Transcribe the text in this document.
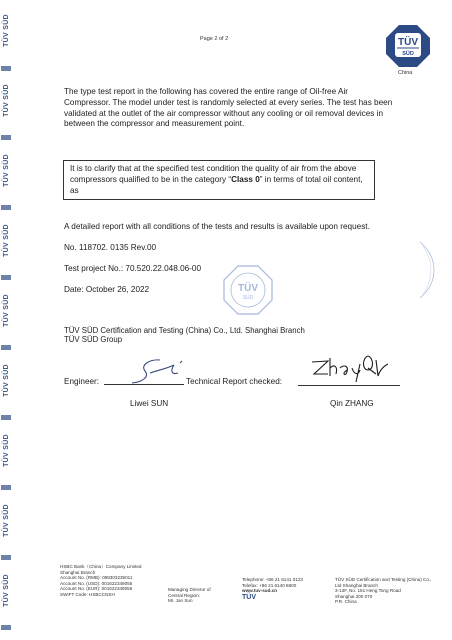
TÜV SÜD
TÜV SÜD
TÜV SÜD
TÜV SÜD
TÜV SÜD
TÜV SÜD
TÜV SÜD
TÜV SÜD
TÜV SÜD
Page 2 of 2	TÜV
SÜD
China
The type test report in the following has covered the entire range of Oil-free Air Compressor. The model under test is randomly selected at every series. The test has been validated at the outlet of the air compressor without any cooling or oil removal devices in between the compressor and measurement point.
It is to clarify that at the specified test condition the quality of air from the above compressors qualified to be in the category “Class 0” in terms of total oil content, as
A detailed report with all conditions of the tests and results is available upon request.
No. 118702. 0135 Rev.00
Test project No.: 70.520.22.048.06-00
Date: October 26, 2022	TÜV
SÜD
TÜV SÜD Certification and Testing (China) Co., Ltd. Shanghai Branch
TÜV SÜD Group
Engineer:
Liwei SUN
Technical Report checked:
Qin ZHANG
HSBC Bank（China）Company Limited
Shanghai Branch
Account No. (RMB): 088303235011
Account No. (USD): 001622349055
Account No. (EUR): 001622349056
SWIFT Code: HSBCCNSH
Managing Director of
Central Region:
Mr. Jan Sun
Telephone: +86 21 6141 0123
Telefax: +86 21 6140 8600
www.tuv-sud.cn
TÜV
TÜV SÜD Certification and Testing (China) Co.,
Ltd Shanghai Branch
3-13F, No. 151 Heng Tong Road
Shanghai 200 070
P.R. China
